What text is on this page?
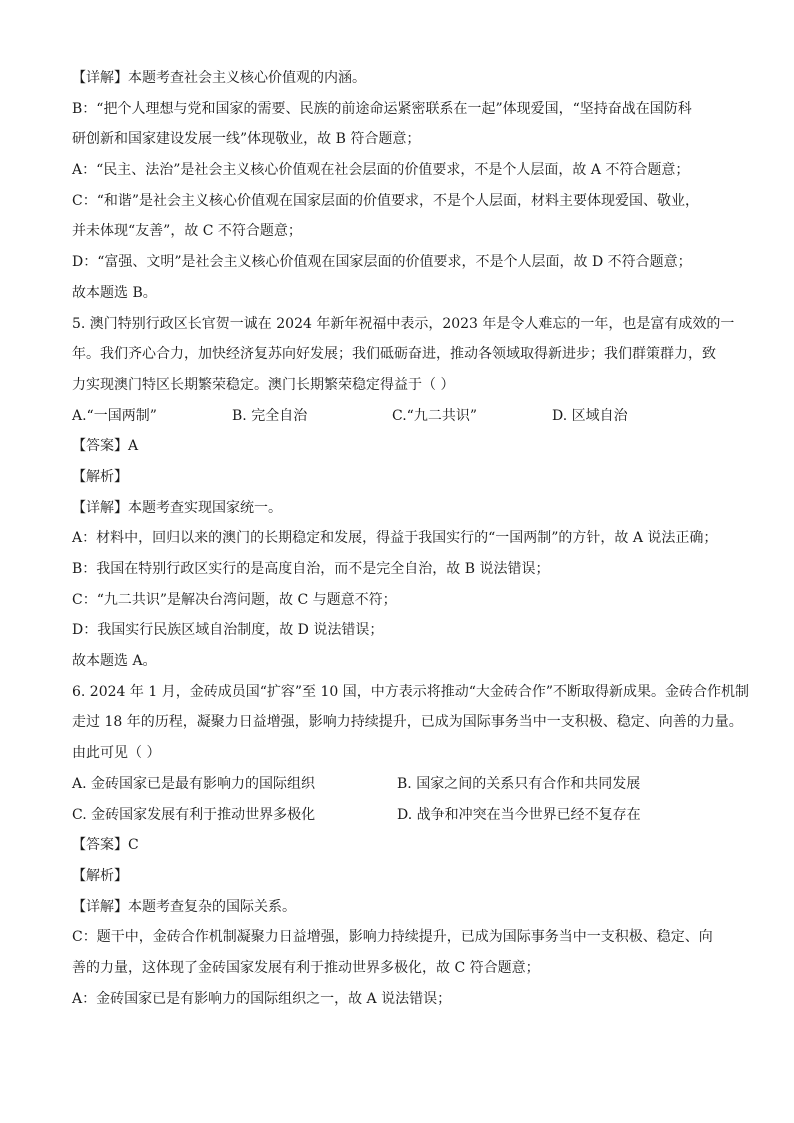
【详解】本题考查社会主义核心价值观的内涵。
B：“把个人理想与党和国家的需要、民族的前途命运紧密联系在一起”体现爱国，“坚持奋战在国防科
研创新和国家建设发展一线”体现敬业，故 B 符合题意；
A：“民主、法治”是社会主义核心价值观在社会层面的价值要求，不是个人层面，故 A 不符合题意；
C：“和谐”是社会主义核心价值观在国家层面的价值要求，不是个人层面，材料主要体现爱国、敬业，
并未体现“友善”，故 C 不符合题意；
D：“富强、文明”是社会主义核心价值观在国家层面的价值要求，不是个人层面，故 D 不符合题意；
故本题选 B。
5. 澳门特别行政区长官贺一诚在 2024 年新年祝福中表示，2023 年是令人难忘的一年，也是富有成效的一
年。我们齐心合力，加快经济复苏向好发展；我们砥砺奋进，推动各领域取得新进步；我们群策群力，致
力实现澳门特区长期繁荣稳定。澳门长期繁荣稳定得益于（ ）
A.“一国两制”	B. 完全自治	C.“九二共识”	D. 区域自治
【答案】A
【解析】
【详解】本题考查实现国家统一。
A：材料中，回归以来的澳门的长期稳定和发展，得益于我国实行的“一国两制”的方针，故 A 说法正确；
B：我国在特别行政区实行的是高度自治，而不是完全自治，故 B 说法错误；
C：“九二共识”是解决台湾问题，故 C 与题意不符；
D：我国实行民族区域自治制度，故 D 说法错误；
故本题选 A。
6. 2024 年 1 月，金砖成员国“扩容”至 10 国，中方表示将推动“大金砖合作”不断取得新成果。金砖合作机制
走过 18 年的历程，凝聚力日益增强，影响力持续提升，已成为国际事务当中一支积极、稳定、向善的力量。
由此可见（ ）
A. 金砖国家已是最有影响力的国际组织	B. 国家之间的关系只有合作和共同发展
C. 金砖国家发展有利于推动世界多极化	D. 战争和冲突在当今世界已经不复存在
【答案】C
【解析】
【详解】本题考查复杂的国际关系。
C：题干中，金砖合作机制凝聚力日益增强，影响力持续提升，已成为国际事务当中一支积极、稳定、向
善的力量，这体现了金砖国家发展有利于推动世界多极化，故 C 符合题意；
A：金砖国家已是有影响力的国际组织之一，故 A 说法错误；
